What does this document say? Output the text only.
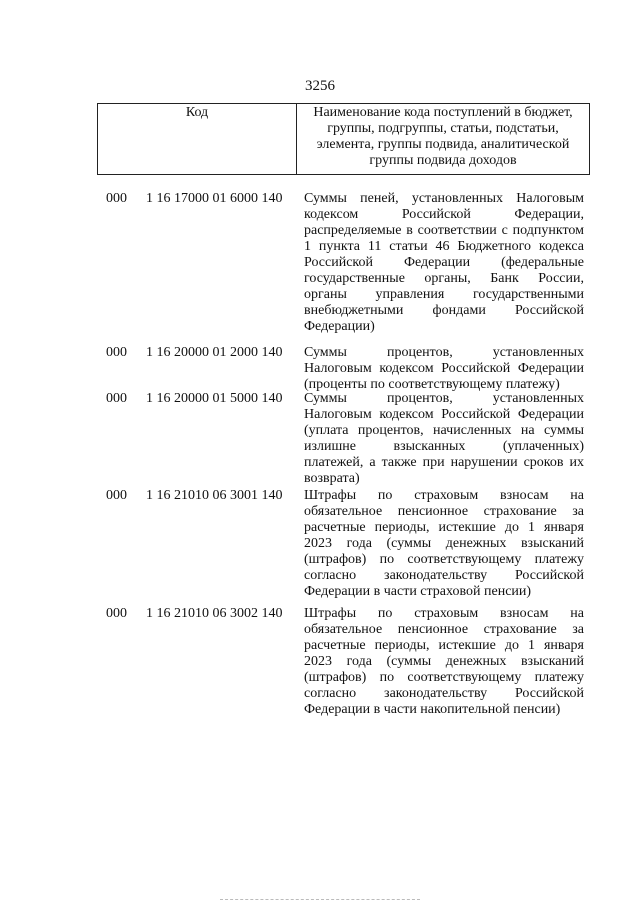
3256
Код	Наименование кода поступлений в бюджет, группы, подгруппы, статьи, подстатьи, элемента, группы подвида, аналитической группы подвида доходов
000	1 16 17000 01 6000 140	Суммы пеней, установленных Налоговым
кодексом Российской Федерации,
распределяемые в соответствии с подпунктом
1 пункта 11 статьи 46 Бюджетного кодекса
Российской Федерации (федеральные
государственные органы, Банк России,
органы управления государственными
внебюджетными фондами Российской
Федерации)
000	1 16 20000 01 2000 140	Суммы процентов, установленных
Налоговым кодексом Российской Федерации
(проценты по соответствующему платежу)
000	1 16 20000 01 5000 140	Суммы процентов, установленных
Налоговым кодексом Российской Федерации
(уплата процентов, начисленных на суммы
излишне взысканных (уплаченных)
платежей, а также при нарушении сроков их
возврата)
000	1 16 21010 06 3001 140	Штрафы по страховым взносам на
обязательное пенсионное страхование за
расчетные периоды, истекшие до 1 января
2023 года (суммы денежных взысканий
(штрафов) по соответствующему платежу
согласно законодательству Российской
Федерации в части страховой пенсии)
000	1 16 21010 06 3002 140	Штрафы по страховым взносам на
обязательное пенсионное страхование за
расчетные периоды, истекшие до 1 января
2023 года (суммы денежных взысканий
(штрафов) по соответствующему платежу
согласно законодательству Российской
Федерации в части накопительной пенсии)
